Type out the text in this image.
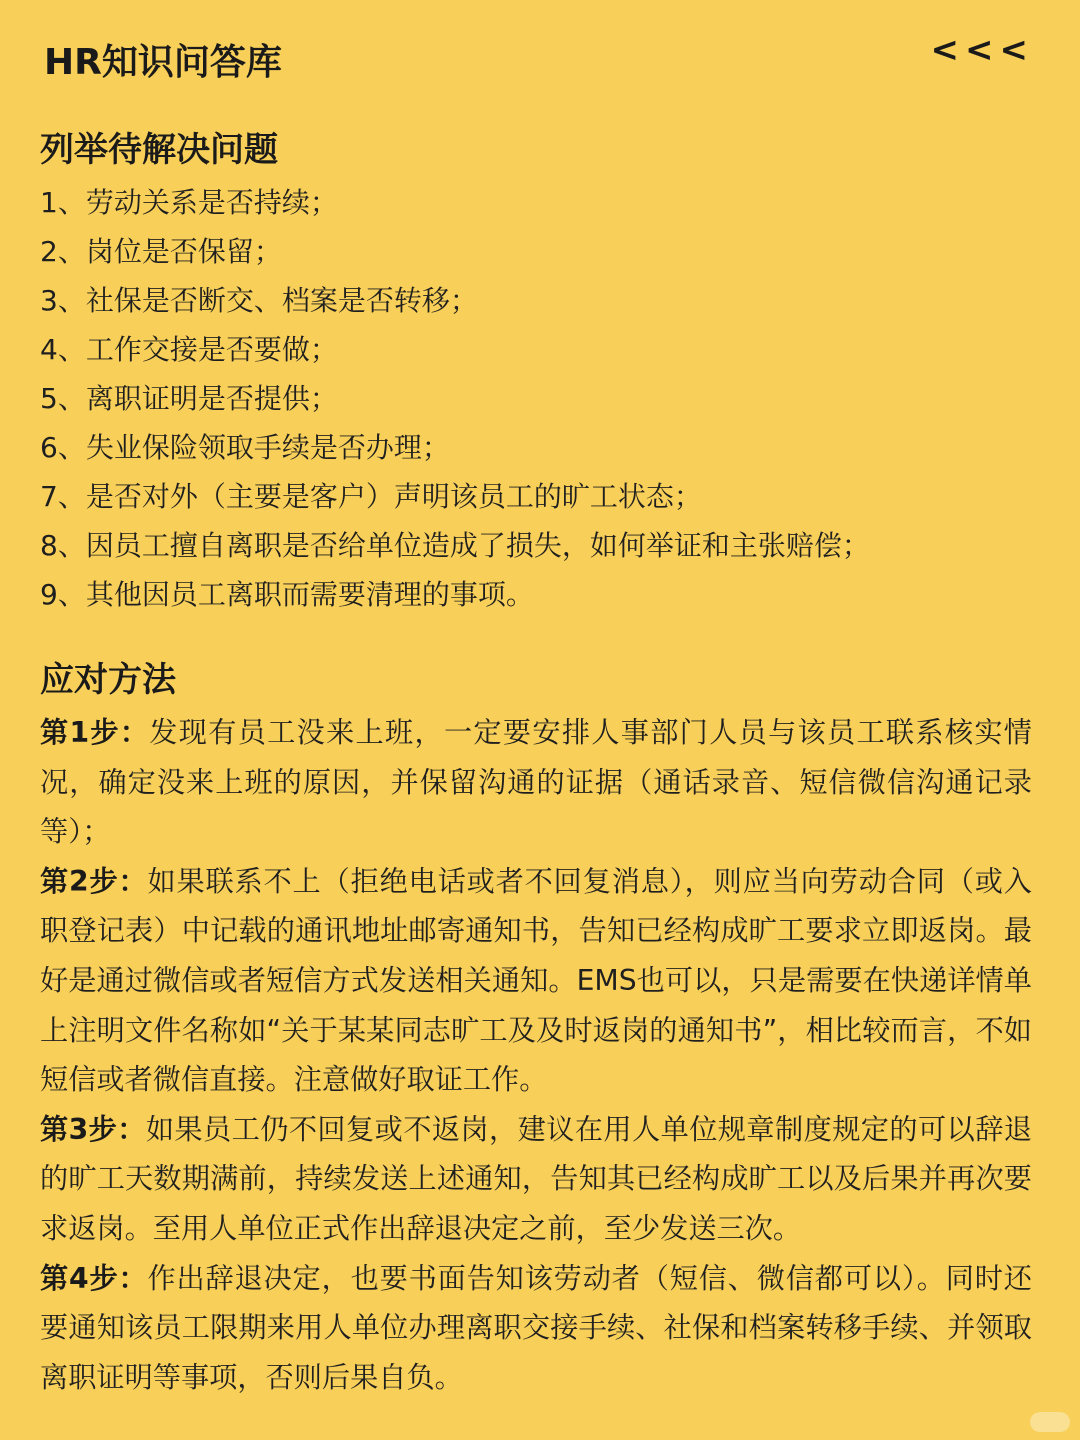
HR知识问答库	<<<
列举待解决问题
1、劳动关系是否持续；
2、岗位是否保留；
3、社保是否断交、档案是否转移；
4、工作交接是否要做；
5、离职证明是否提供；
6、失业保险领取手续是否办理；
7、是否对外（主要是客户）声明该员工的旷工状态；
8、因员工擅自离职是否给单位造成了损失，如何举证和主张赔偿；
9、其他因员工离职而需要清理的事项。
应对方法

第1步：发现有员工没来上班，一定要安排人事部门人员与该员工联系核实情况，确定没来上班的原因，并保留沟通的证据（通话录音、短信微信沟通记录等）；

第2步：如果联系不上（拒绝电话或者不回复消息），则应当向劳动合同（或入职登记表）中记载的通讯地址邮寄通知书，告知已经构成旷工要求立即返岗。最好是通过微信或者短信方式发送相关通知。EMS也可以，只是需要在快递详情单上注明文件名称如“关于某某同志旷工及及时返岗的通知书”，相比较而言，不如短信或者微信直接。注意做好取证工作。

第3步：如果员工仍不回复或不返岗，建议在用人单位规章制度规定的可以辞退的旷工天数期满前，持续发送上述通知，告知其已经构成旷工以及后果并再次要求返岗。至用人单位正式作出辞退决定之前，至少发送三次。

第4步：作出辞退决定，也要书面告知该劳动者（短信、微信都可以）。同时还要通知该员工限期来用人单位办理离职交接手续、社保和档案转移手续、并领取离职证明等事项，否则后果自负。
